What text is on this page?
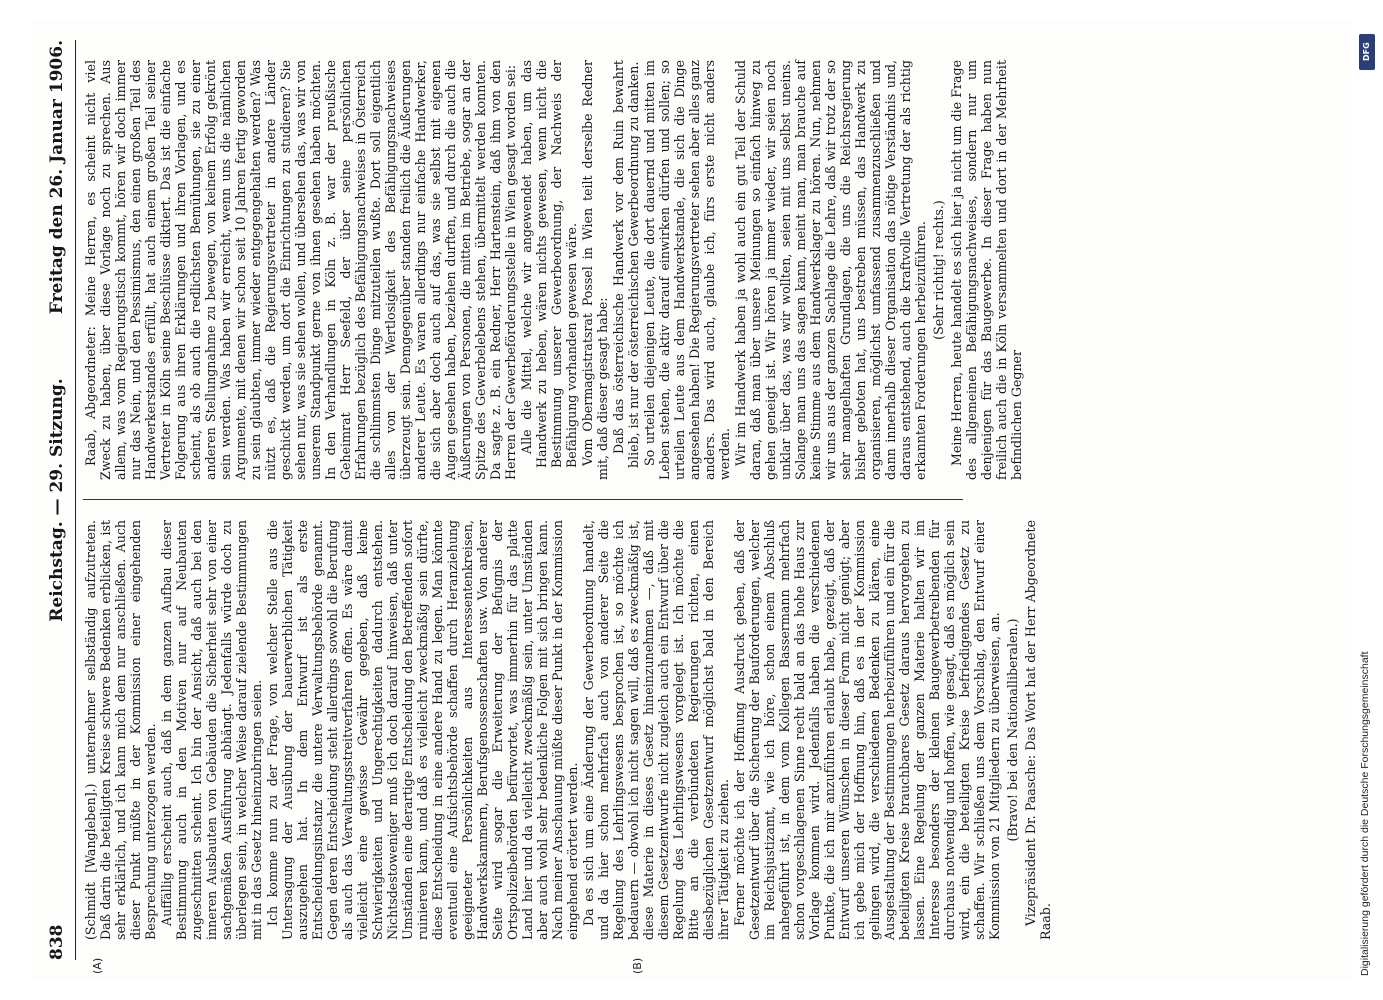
838
Reichstag. — 29. Sitzung.
Freitag den 26. Januar 1906.
(A)	(B)

(Schmidt [Wangleben].) unternehmer selbständig aufzutreten. Daß darin die beteiligten Kreise schwere Bedenken erblicken, ist sehr erklärlich, und ich kann mich dem nur anschließen. Auch dieser Punkt müßte in der Kommission einer eingehenden Besprechung unterzogen werden. Auffällig erscheint auch, daß in dem ganzen Aufbau dieser Bestimmung auch in den Motiven nur auf Neubauten zugeschnitten scheint. Ich bin der Ansicht, daß auch bei den inneren Ausbauten von Gebäuden die Sicherheit sehr von einer sachgemäßen Ausführung abhängt. Jedenfalls würde doch zu überlegen sein, in welcher Weise darauf zielende Bestimmungen mit in das Gesetz hineinzubringen seien. Ich komme nun zu der Frage, von welcher Stelle aus die Untersagung der Ausübung der bauerwerblichen Tätigkeit auszugehen hat. In dem Entwurf ist als erste Entscheidungsinstanz die untere Verwaltungsbehörde genannt. Gegen deren Entscheidung steht allerdings sowohl die Berufung als auch das Verwaltungsstreitverfahren offen. Es wäre damit vielleicht eine gewisse Gewähr gegeben, daß keine Schwierigkeiten und Ungerechtigkeiten dadurch entstehen. Nichtsdestoweniger muß ich doch darauf hinweisen, daß unter Umständen eine derartige Entscheidung den Betreffenden sofort ruinieren kann, und daß es vielleicht zweckmäßig sein dürfte, diese Entscheidung in eine andere Hand zu legen. Man könnte eventuell eine Aufsichtsbehörde schaffen durch Heranziehung geeigneter Persönlichkeiten aus Interessentenkreisen, Handwerkskammern, Berufsgenossenschaften usw. Von anderer Seite wird sogar die Erweiterung der Befugnis der Ortspolizeibehörden befürwortet, was immerhin für das platte Land hier und da vielleicht zweckmäßig sein, unter Umständen aber auch wohl sehr bedenkliche Folgen mit sich bringen kann. Nach meiner Anschauung müßte dieser Punkt in der Kommission eingehend erörtert werden. Da es sich um eine Änderung der Gewerbeordnung handelt, und da hier schon mehrfach auch von anderer Seite die Regelung des Lehrlingswesens besprochen ist, so möchte ich bedauern — obwohl ich nicht sagen will, daß es zweckmäßig ist, diese Materie in dieses Gesetz hineinzunehmen —, daß mit diesem Gesetzentwurfe nicht zugleich auch ein Entwurf über die Regelung des Lehrlingswesens vorgelegt ist. Ich möchte die Bitte an die verbündeten Regierungen richten, einen diesbezüglichen Gesetzentwurf möglichst bald in den Bereich ihrer Tätigkeit zu ziehen. Ferner möchte ich der Hoffnung Ausdruck geben, daß der Gesetzentwurf über die Sicherung der Bauforderungen, welcher im Reichsjustizamt, wie ich höre, schon einem Abschluß nahegeführt ist, in dem vom Kollegen Bassermann mehrfach schon vorgeschlagenen Sinne recht bald an das hohe Haus zur Vorlage kommen wird. Jedenfalls haben die verschiedenen Punkte, die ich mir anzuführen erlaubt habe, gezeigt, daß der Entwurf unseren Wünschen in dieser Form nicht genügt; aber ich gebe mich der Hoffnung hin, daß es in der Kommission gelingen wird, die verschiedenen Bedenken zu klären, eine Ausgestaltung der Bestimmungen herbeizuführen und ein für die beteiligten Kreise brauchbares Gesetz daraus hervorgehen zu lassen. Eine Regelung der ganzen Materie halten wir im Interesse besonders der kleinen Baugewerbetreibenden für durchaus notwendig und hoffen, wie gesagt, daß es möglich sein wird, ein die beteiligten Kreise befriedigendes Gesetz zu schaffen. Wir schließen uns dem Vorschlag, den Entwurf einer Kommission von 21 Mitgliedern zu überweisen, an. (Bravo! bei den Nationalliberalen.) Vizepräsident Dr. Paasche: Das Wort hat der Herr Abgeordnete Raab.

Raab, Abgeordneter: Meine Herren, es scheint nicht viel Zweck zu haben, über diese Vorlage noch zu sprechen. Aus allem, was vom Regierungstisch kommt, hören wir doch immer nur das Nein, und den Pessimismus, den einen großen Teil des Handwerkerstandes erfüllt, hat auch einem großen Teil seiner Vertreter in Köln seine Beschlüsse diktiert. Das ist die einfache Folgerung aus ihren Erklärungen und ihren Vorlagen, und es scheint, als ob auch die redlichsten Bemühungen, sie zu einer anderen Stellungnahme zu bewegen, von keinem Erfolg gekrönt sein werden. Was haben wir erreicht, wenn uns die nämlichen Argumente, mit denen wir schon seit 10 Jahren fertig geworden zu sein glaubten, immer wieder entgegengehalten werden? Was nützt es, daß die Regierungsvertreter in andere Länder geschickt werden, um dort die Einrichtungen zu studieren? Sie sehen nur, was sie sehen wollen, und übersehen das, was wir von unserem Standpunkt gerne von ihnen gesehen haben möchten. In den Verhandlungen in Köln z. B. war der preußische Geheimrat Herr Seefeld, der über seine persönlichen Erfahrungen bezüglich des Befähigungsnachweises in Österreich die schlimmsten Dinge mitzuteilen wußte. Dort soll eigentlich alles von der Wertlosigkeit des Befähigungsnachweises überzeugt sein. Demgegenüber standen freilich die Äußerungen anderer Leute. Es waren allerdings nur einfache Handwerker, die sich aber doch auch auf das, was sie selbst mit eigenen Augen gesehen haben, beziehen durften, und durch die auch die Äußerungen von Personen, die mitten im Betriebe, sogar an der Spitze des Gewerbelebens stehen, übermittelt werden konnten. Da sagte z. B. ein Redner, Herr Hartenstein, daß ihm von den Herren der Gewerbeförderungsstelle in Wien gesagt worden sei: Alle die Mittel, welche wir angewendet haben, um das Handwerk zu heben, wären nichts gewesen, wenn nicht die Bestimmung unserer Gewerbeordnung, der Nachweis der Befähigung vorhanden gewesen wäre. Vom Obermagistratsrat Possel in Wien teilt derselbe Redner mit, daß dieser gesagt habe: Daß das österreichische Handwerk vor dem Ruin bewahrt blieb, ist nur der österreichischen Gewerbeordnung zu danken. So urteilen diejenigen Leute, die dort dauernd und mitten im Leben stehen, die aktiv darauf einwirken dürfen und sollen; so urteilen Leute aus dem Handwerkstande, die sich die Dinge angesehen haben! Die Regierungsvertreter sehen aber alles ganz anders. Das wird auch, glaube ich, fürs erste nicht anders werden. Wir im Handwerk haben ja wohl auch ein gut Teil der Schuld daran, daß man über unsere Meinungen so einfach hinweg zu gehen geneigt ist. Wir hören ja immer wieder, wir seien noch unklar über das, was wir wollten, seien mit uns selbst uneins. Solange man uns das sagen kann, meint man, man brauche auf keine Stimme aus dem Handwerkslager zu hören. Nun, nehmen wir uns aus der ganzen Sachlage die Lehre, daß wir trotz der so sehr mangelhaften Grundlagen, die uns die Reichsregierung bisher geboten hat, uns bestreben müssen, das Handwerk zu organisieren, möglichst umfassend zusammenzuschließen und dann innerhalb dieser Organisation das nötige Verständnis und, daraus entstehend, auch die kraftvolle Vertretung der als richtig erkannten Forderungen herbeizuführen. (Sehr richtig! rechts.) Meine Herren, heute handelt es sich hier ja nicht um die Frage des allgemeinen Befähigungsnachweises, sondern nur um denjenigen für das Baugewerbe. In dieser Frage haben nun freilich auch die in Köln versammelten und dort in der Mehrheit befindlichen Gegner

DFG
Digitalisierung gefördert durch die Deutsche Forschungsgemeinschaft
